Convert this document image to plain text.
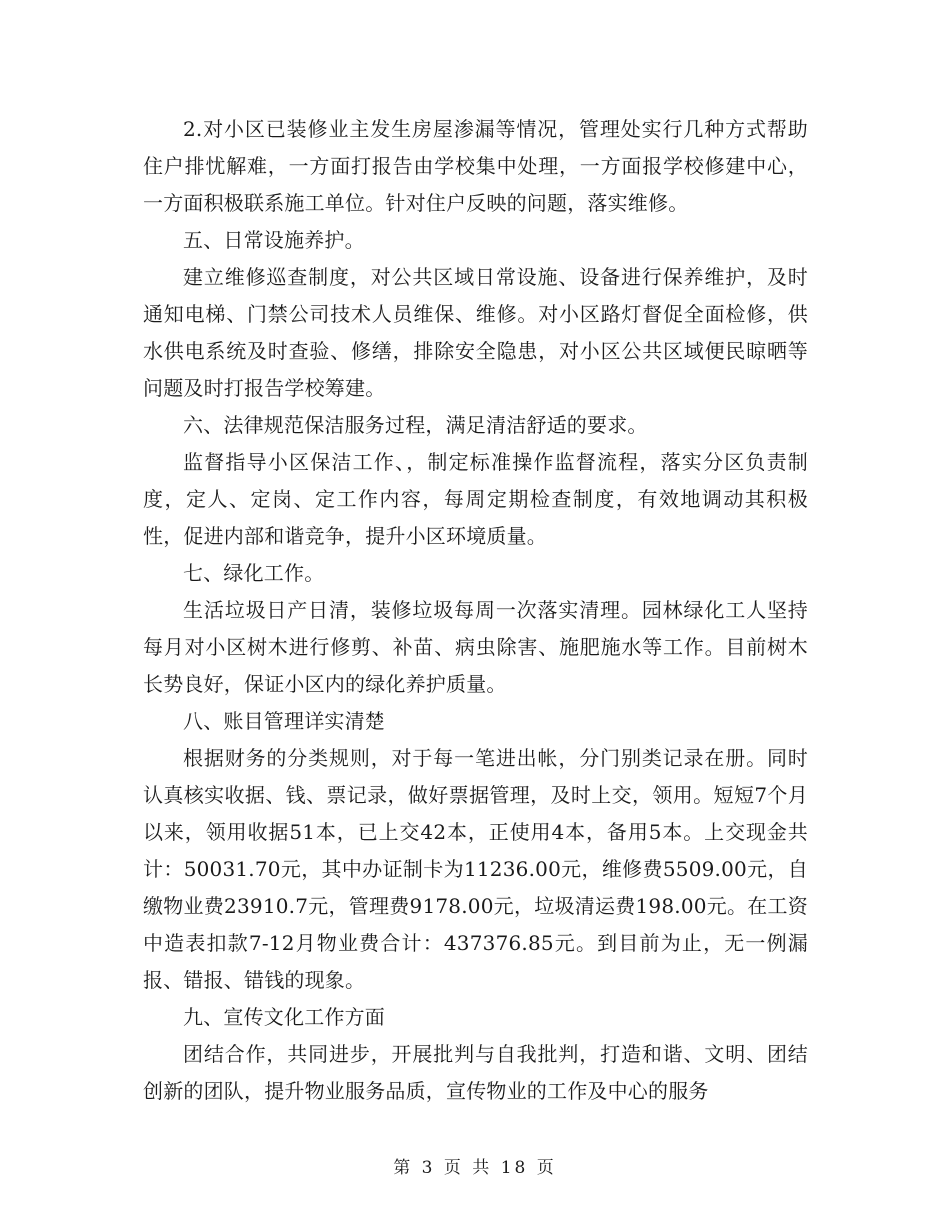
2.对小区已装修业主发生房屋渗漏等情况，管理处实行几种方式帮助住户排忧解难，一方面打报告由学校集中处理，一方面报学校修建中心，一方面积极联系施工单位。针对住户反映的问题，落实维修。

五、日常设施养护。

建立维修巡查制度，对公共区域日常设施、设备进行保养维护，及时通知电梯、门禁公司技术人员维保、维修。对小区路灯督促全面检修，供水供电系统及时查验、修缮，排除安全隐患，对小区公共区域便民晾晒等问题及时打报告学校筹建。

六、法律规范保洁服务过程，满足清洁舒适的要求。

监督指导小区保洁工作、，制定标准操作监督流程，落实分区负责制度，定人、定岗、定工作内容，每周定期检查制度，有效地调动其积极性，促进内部和谐竞争，提升小区环境质量。

七、绿化工作。

生活垃圾日产日清，装修垃圾每周一次落实清理。园林绿化工人坚持每月对小区树木进行修剪、补苗、病虫除害、施肥施水等工作。目前树木长势良好，保证小区内的绿化养护质量。

八、账目管理详实清楚

根据财务的分类规则，对于每一笔进出帐，分门别类记录在册。同时认真核实收据、钱、票记录，做好票据管理，及时上交，领用。短短7个月以来，领用收据51本，已上交42本，正使用4本，备用5本。上交现金共计：50031.70元，其中办证制卡为11236.00元，维修费5509.00元，自缴物业费23910.7元，管理费9178.00元，垃圾清运费198.00元。在工资中造表扣款7-12月物业费合计：437376.85元。到目前为止，无一例漏报、错报、错钱的现象。

九、宣传文化工作方面

团结合作，共同进步，开展批判与自我批判，打造和谐、文明、团结创新的团队，提升物业服务品质，宣传物业的工作及中心的服务

第 3 页 共 18 页
